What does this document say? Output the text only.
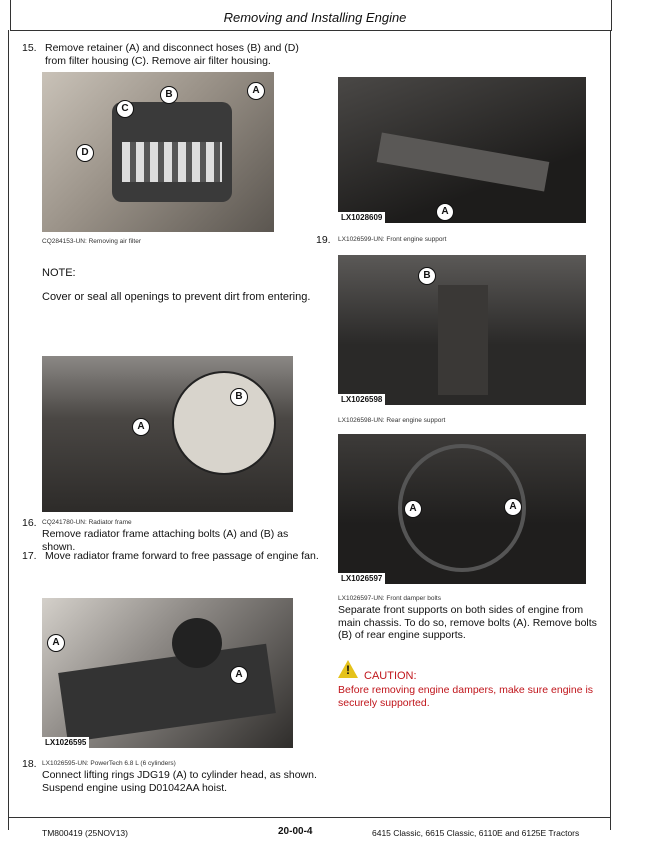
Removing and Installing Engine
15. Remove retainer (A) and disconnect hoses (B) and (D) from filter housing (C). Remove air filter housing.
A
B
C
D
CQ284153-UN: Removing air filter
NOTE:
Cover or seal all openings to prevent dirt from entering.
A
B
16. CQ241780-UN: Radiator frame
Remove radiator frame attaching bolts (A) and (B) as shown.
17. Move radiator frame forward to free passage of engine fan.
A
A
LX1026595
18. LX1026595-UN: PowerTech 6.8 L (6 cylinders)
Connect lifting rings JDG19 (A) to cylinder head, as shown.
Suspend engine using D01042AA hoist.
A
LX1028609
19. LX1026599-UN: Front engine support
B
LX1026598
LX1026598-UN: Rear engine support
A	A
LX1026597
LX1026597-UN: Front damper bolts
Separate front supports on both sides of engine from main chassis. To do so, remove bolts (A). Remove bolts (B) of rear engine supports.
! CAUTION:
Before removing engine dampers, make sure engine is securely supported.
TM800419 (25NOV13)	20-00-4	6415 Classic, 6615 Classic, 6110E and 6125E Tractors
